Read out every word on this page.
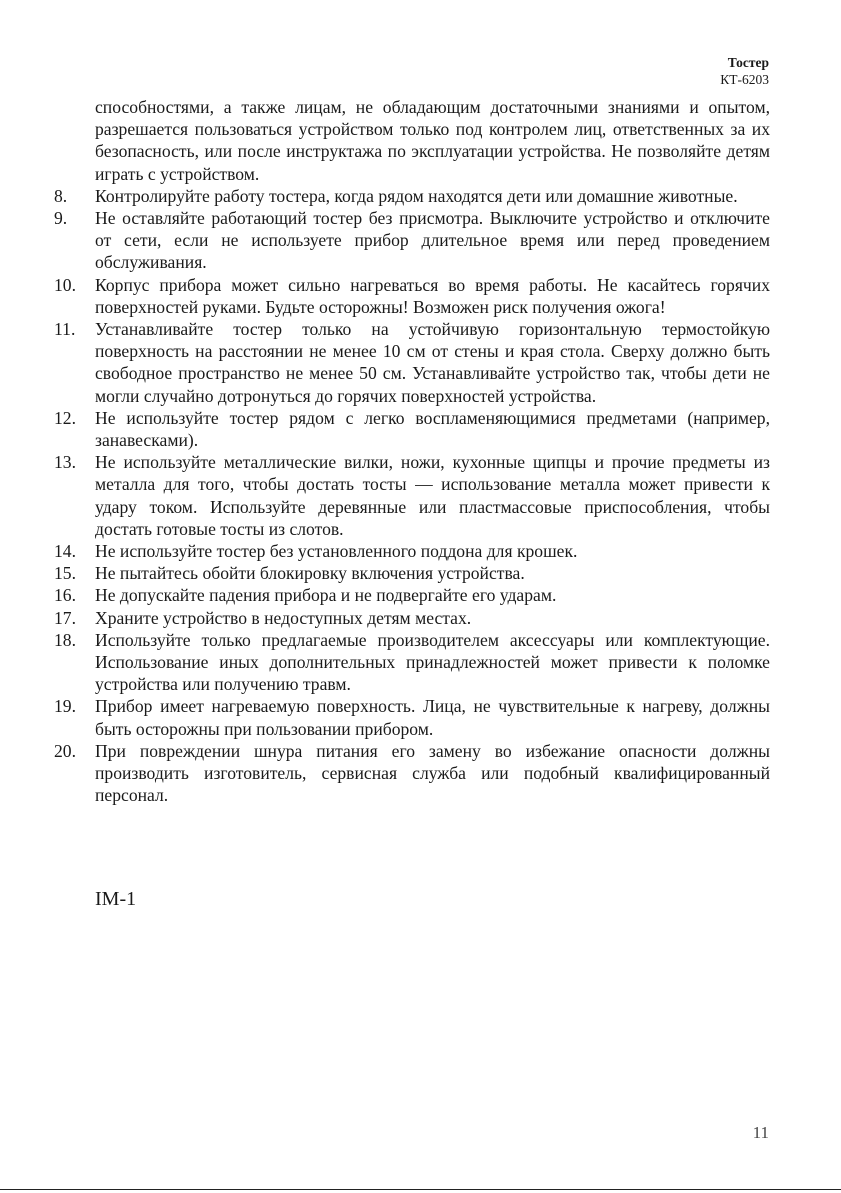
Тостер
КТ-6203

способностями, а также лицам, не обладающим достаточными знаниями и опытом, разрешается пользоваться устройством только под контролем лиц, ответственных за их безопасность, или после инструктажа по эксплуатации устройства. Не позволяйте детям играть с устройством.

8.	Контролируйте работу тостера, когда рядом находятся дети или домашние животные.
9.	Не оставляйте работающий тостер без присмотра. Выключите устройство и отключите от сети, если не используете прибор длительное время или перед проведением обслуживания.
10.	Корпус прибора может сильно нагреваться во время работы. Не касайтесь горячих поверхностей руками. Будьте осторожны! Возможен риск получения ожога!
11.	Устанавливайте тостер только на устойчивую горизонтальную термостойкую поверхность на расстоянии не менее 10 см от стены и края стола. Сверху должно быть свободное пространство не менее 50 см. Устанавливайте устройство так, чтобы дети не могли случайно дотронуться до горячих поверхностей устройства.
12.	Не используйте тостер рядом с легко воспламеняющимися предметами (например, занавесками).
13.	Не используйте металлические вилки, ножи, кухонные щипцы и прочие предметы из металла для того, чтобы достать тосты — использование металла может привести к удару током. Используйте деревянные или пластмассовые приспособления, чтобы достать готовые тосты из слотов.
14.	Не используйте тостер без установленного поддона для крошек.
15.	Не пытайтесь обойти блокировку включения устройства.
16.	Не допускайте падения прибора и не подвергайте его ударам.
17.	Храните устройство в недоступных детям местах.
18.	Используйте только предлагаемые производителем аксессуары или комплектующие. Использование иных дополнительных принадлежностей может привести к поломке устройства или получению травм.
19.	Прибор имеет нагреваемую поверхность. Лица, не чувствительные к нагреву, должны быть осторожны при пользовании прибором.
20.	При повреждении шнура питания его замену во избежание опасности должны производить изготовитель, сервисная служба или подобный квалифицированный персонал.
IM-1
11
